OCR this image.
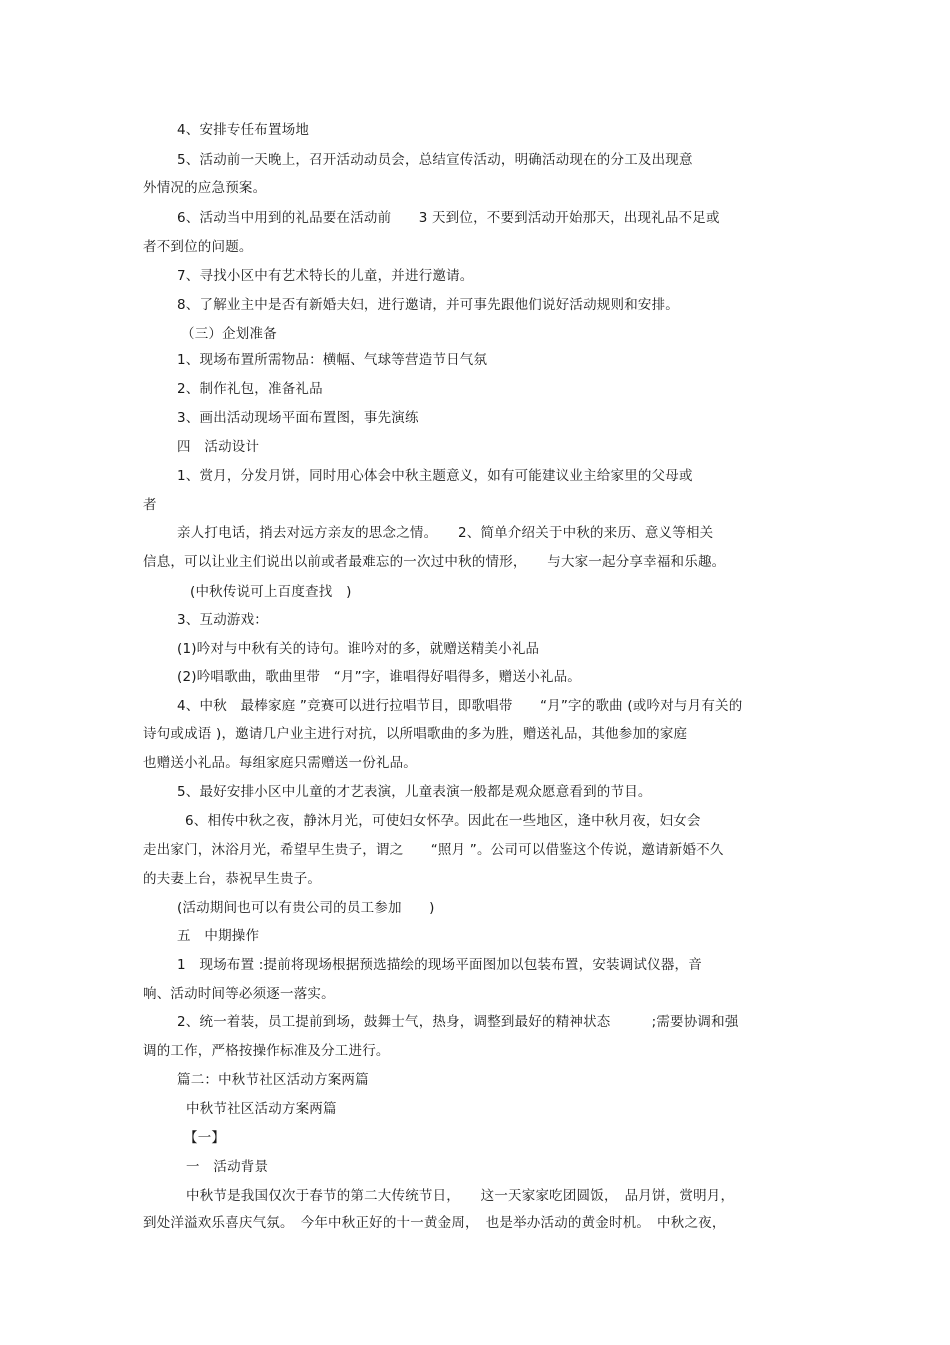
4、安排专任布置场地

5、活动前一天晚上，召开活动动员会，总结宣传活动，明确活动现在的分工及出现意

外情况的应急预案。

6、活动当中用到的礼品要在活动前　　3 天到位，不要到活动开始那天，出现礼品不足或

者不到位的问题。

7、寻找小区中有艺术特长的儿童，并进行邀请。

8、了解业主中是否有新婚夫妇，进行邀请，并可事先跟他们说好活动规则和安排。

（三）企划准备

1、现场布置所需物品：横幅、气球等营造节日气氛

2、制作礼包，准备礼品

3、画出活动现场平面布置图，事先演练

四　活动设计

1、赏月，分发月饼，同时用心体会中秋主题意义，如有可能建议业主给家里的父母或

者

亲人打电话，捎去对远方亲友的思念之情。　　2、简单介绍关于中秋的来历、意义等相关

信息，可以让业主们说出以前或者最难忘的一次过中秋的情形，　　与大家一起分享幸福和乐趣。

(中秋传说可上百度查找　)

3、互动游戏：

(1)吟对与中秋有关的诗句。谁吟对的多，就赠送精美小礼品

(2)吟唱歌曲，歌曲里带　“月”字，谁唱得好唱得多，赠送小礼品。

4、中秋　最棒家庭 ”竞赛可以进行拉唱节目，即歌唱带　　“月”字的歌曲 (或吟对与月有关的

诗句或成语 )，邀请几户业主进行对抗，以所唱歌曲的多为胜，赠送礼品，其他参加的家庭

也赠送小礼品。每组家庭只需赠送一份礼品。

5、最好安排小区中儿童的才艺表演，儿童表演一般都是观众愿意看到的节目。

6、相传中秋之夜，静沐月光，可使妇女怀孕。因此在一些地区，逢中秋月夜，妇女会

走出家门，沐浴月光，希望早生贵子，谓之　　“照月 ”。公司可以借鉴这个传说，邀请新婚不久

的夫妻上台，恭祝早生贵子。

(活动期间也可以有贵公司的员工参加　　)

五　中期操作

1　现场布置 :提前将现场根据预选描绘的现场平面图加以包装布置，安装调试仪器，音

响、活动时间等必须逐一落实。

2、统一着装，员工提前到场，鼓舞士气，热身，调整到最好的精神状态　　　;需要协调和强

调的工作，严格按操作标准及分工进行。

篇二：中秋节社区活动方案两篇

中秋节社区活动方案两篇

【一】

一　活动背景

中秋节是我国仅次于春节的第二大传统节日，　　这一天家家吃团圆饭，　品月饼，赏明月，

到处洋溢欢乐喜庆气氛。　今年中秋正好的十一黄金周，　也是举办活动的黄金时机。　中秋之夜，
